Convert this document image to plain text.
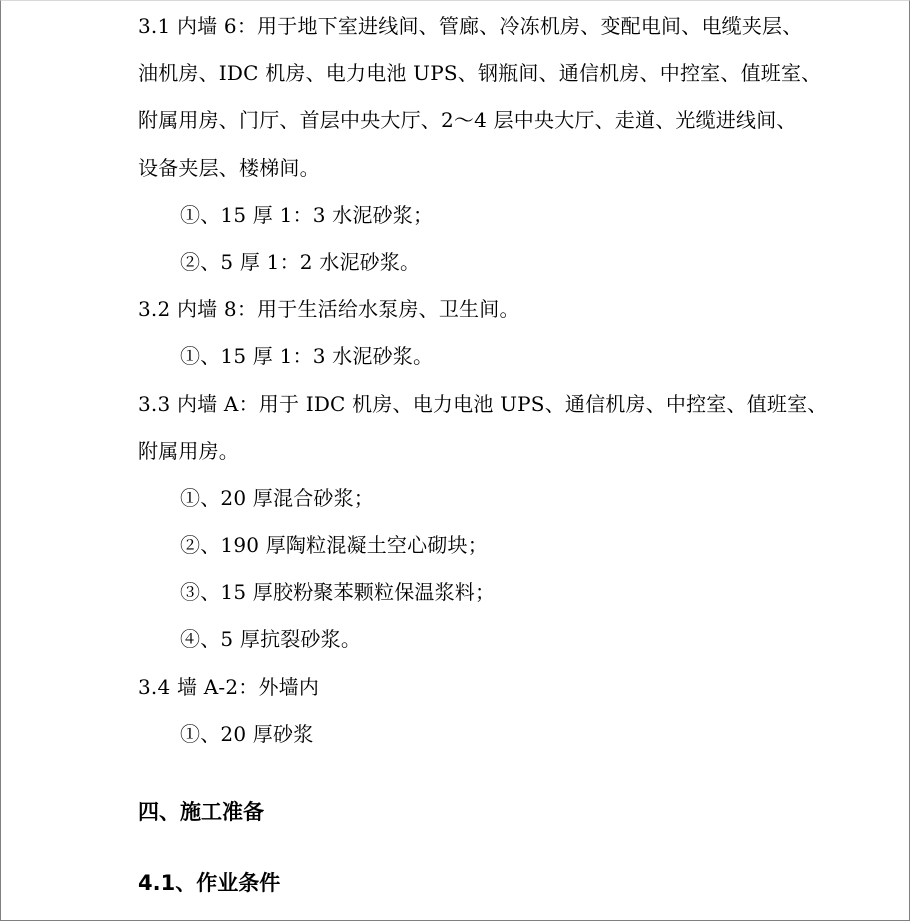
3.1 内墙 6：用于地下室进线间、管廊、冷冻机房、变配电间、电缆夹层、
油机房、IDC 机房、电力电池 UPS、钢瓶间、通信机房、中控室、值班室、
附属用房、门厅、首层中央大厅、2～4 层中央大厅、走道、光缆进线间、
设备夹层、楼梯间。
①、15 厚 1：3 水泥砂浆；
②、5 厚 1：2 水泥砂浆。
3.2 内墙 8：用于生活给水泵房、卫生间。
①、15 厚 1：3 水泥砂浆。
3.3 内墙 A：用于 IDC 机房、电力电池 UPS、通信机房、中控室、值班室、
附属用房。
①、20 厚混合砂浆；
②、190 厚陶粒混凝土空心砌块；
③、15 厚胶粉聚苯颗粒保温浆料；
④、5 厚抗裂砂浆。
3.4 墙 A-2：外墙内
①、20 厚砂浆
四、施工准备
4.1、作业条件
